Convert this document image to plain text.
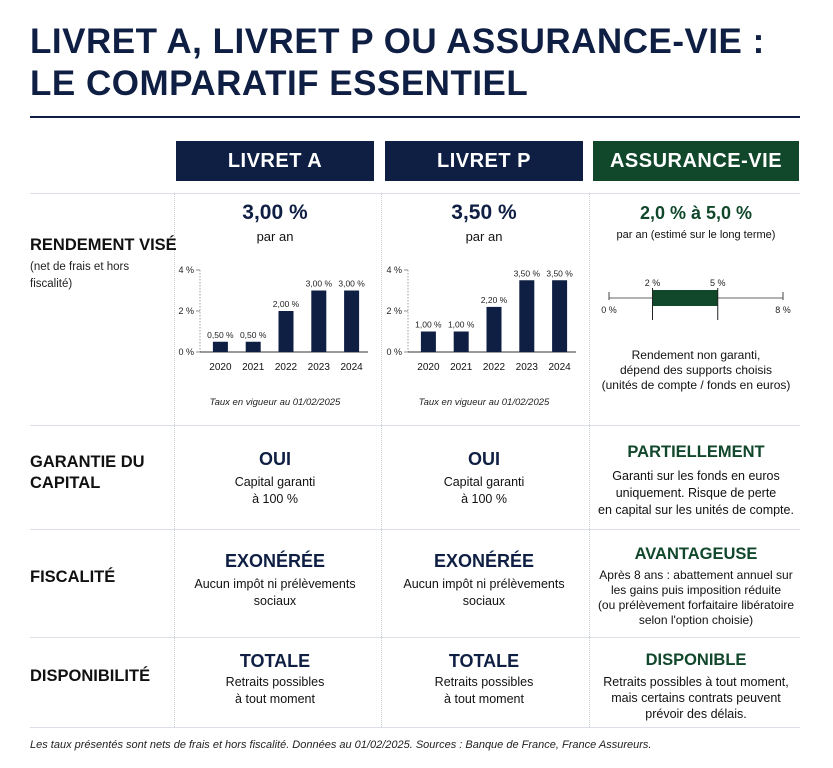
LIVRET A, LIVRET P OU ASSURANCE-VIE :
LE COMPARATIF ESSENTIEL
LIVRET A	LIVRET P	ASSURANCE-VIE
RENDEMENT VISÉ
(net de frais et hors
fiscalité)
3,00 %
par an
4 %
2 %
0 %
0,50 %
2020
0,50 %
2021
2,00 %
2022
3,00 %
2023
3,00 %
2024
Taux en vigueur au 01/02/2025
3,50 %
par an
4 %
2 %
0 %
1,00 %
2020
1,00 %
2021
2,20 %
2022
3,50 %
2023
3,50 %
2024
Taux en vigueur au 01/02/2025
2,0 % à 5,0 %
par an (estimé sur le long terme)
2 %	5 %
0 %	8 %
Rendement non garanti,
dépend des supports choisis
(unités de compte / fonds en euros)
GARANTIE DU
CAPITAL
OUI
Capital garanti
à 100 %
OUI
Capital garanti
à 100 %
PARTIELLEMENT
Garanti sur les fonds en euros
uniquement. Risque de perte
en capital sur les unités de compte.
FISCALITÉ
EXONÉRÉE
Aucun impôt ni prélèvements
sociaux
EXONÉRÉE
Aucun impôt ni prélèvements
sociaux
AVANTAGEUSE
Après 8 ans : abattement annuel sur
les gains puis imposition réduite
(ou prélèvement forfaitaire libératoire
selon l'option choisie)
DISPONIBILITÉ
TOTALE
Retraits possibles
à tout moment
TOTALE
Retraits possibles
à tout moment
DISPONIBLE
Retraits possibles à tout moment,
mais certains contrats peuvent
prévoir des délais.
Les taux présentés sont nets de frais et hors fiscalité. Données au 01/02/2025. Sources : Banque de France, France Assureurs.
